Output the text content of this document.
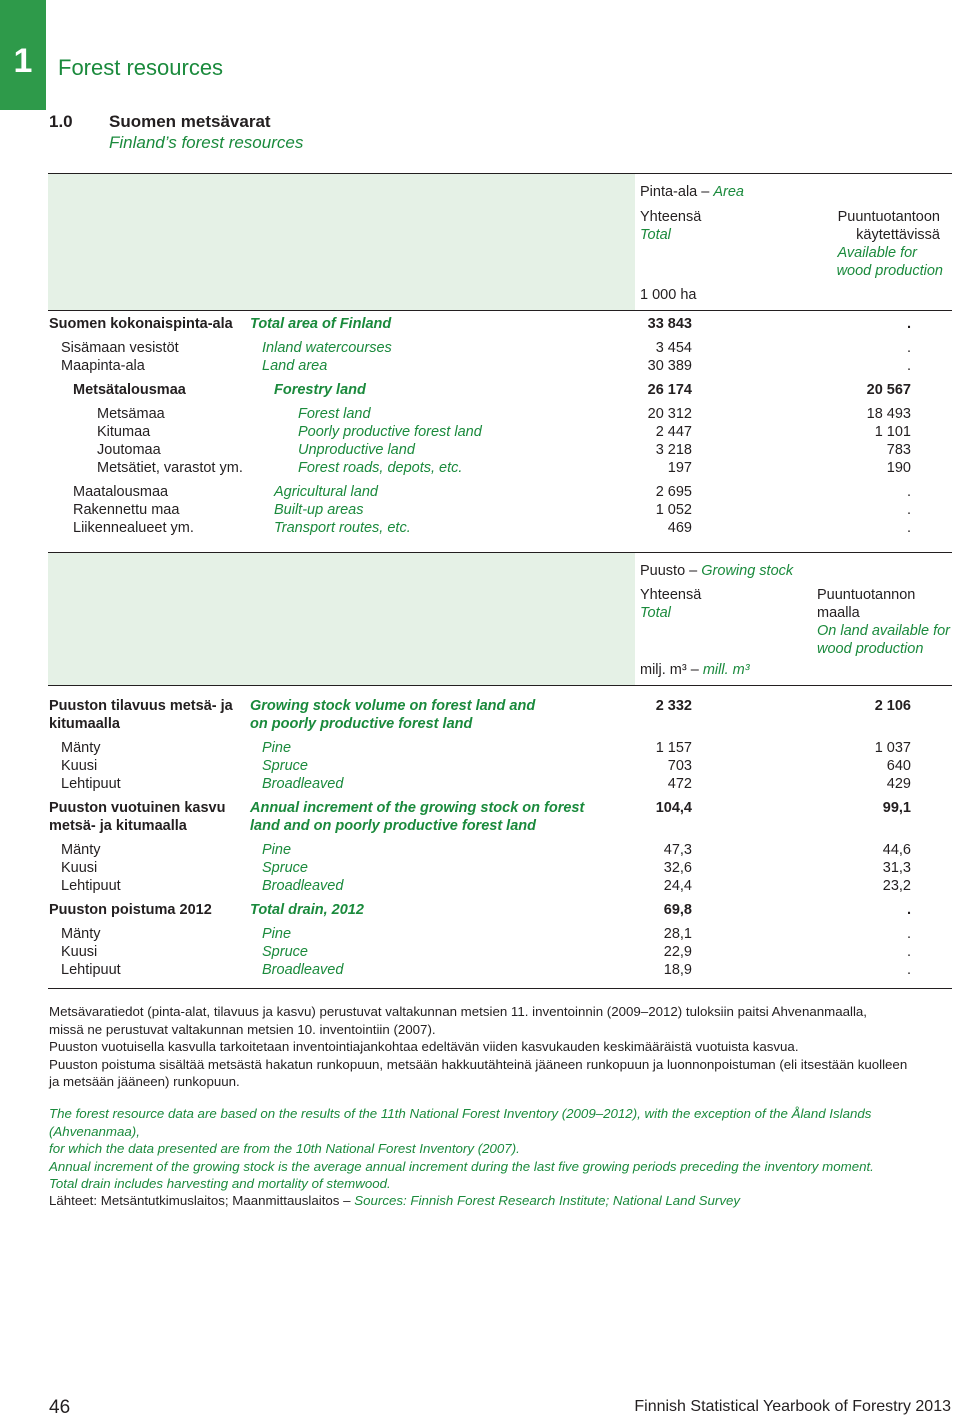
1	Forest resources
1.0 Suomen metsävarat
Finland’s forest resources
Pinta-ala – Area
Yhteensä
Total
Puuntuotantoon
käytettävissä
Available for
wood production
1 000 ha
Suomen kokonaispinta-ala Total area of Finland	33 843	.
Sisämaan vesistöt	Inland watercourses	3 454	.
Maapinta-ala	Land area	30 389	.
Metsätalousmaa	Forestry land	26 174	20 567
Metsämaa	Forest land	20 312	18 493
Kitumaa	Poorly productive forest land	2 447	1 101
Joutomaa	Unproductive land	3 218	783
Metsätiet, varastot ym.	Forest roads, depots, etc.	197	190
Maatalousmaa	Agricultural land	2 695	.
Rakennettu maa	Built-up areas	1 052	.
Liikennealueet ym.	Transport routes, etc.	469	.
Puusto – Growing stock
Yhteensä
Total
Puuntuotannon
maalla
On land available for
wood production
milj. m³ – mill. m³
Puuston tilavuus metsä- ja
kitumaalla
Growing stock volume on forest land and
on poorly productive forest land
2 332	2 106
Mänty	Pine	1 157	1 037
Kuusi	Spruce	703	640
Lehtipuut	Broadleaved	472	429
Puuston vuotuinen kasvu
metsä- ja kitumaalla
Annual increment of the growing stock on forest
land and on poorly productive forest land
104,4	99,1
Mänty	Pine	47,3	44,6
Kuusi	Spruce	32,6	31,3
Lehtipuut	Broadleaved	24,4	23,2
Puuston poistuma 2012	Total drain, 2012	69,8	.
Mänty	Pine	28,1	.
Kuusi	Spruce	22,9	.
Lehtipuut	Broadleaved	18,9	.
Metsävaratiedot (pinta-alat, tilavuus ja kasvu) perustuvat valtakunnan metsien 11. inventoinnin (2009–2012) tuloksiin paitsi Ahvenanmaalla,
missä ne perustuvat valtakunnan metsien 10. inventointiin (2007).
Puuston vuotuisella kasvulla tarkoitetaan inventointiajankohtaa edeltävän viiden kasvukauden keskimääräistä vuotuista kasvua.
Puuston poistuma sisältää metsästä hakatun runkopuun, metsään hakkuutähteinä jääneen runkopuun ja luonnonpoistuman (eli itsestään kuolleen
ja metsään jääneen) runkopuun.
The forest resource data are based on the results of the 11th National Forest Inventory (2009–2012), with the exception of the Åland Islands (Ahvenanmaa),
for which the data presented are from the 10th National Forest Inventory (2007).
Annual increment of the growing stock is the average annual increment during the last five growing periods preceding the inventory moment.
Total drain includes harvesting and mortality of stemwood.
Lähteet: Metsäntutkimuslaitos; Maanmittauslaitos – Sources: Finnish Forest Research Institute; National Land Survey
46	Finnish Statistical Yearbook of Forestry 2013
